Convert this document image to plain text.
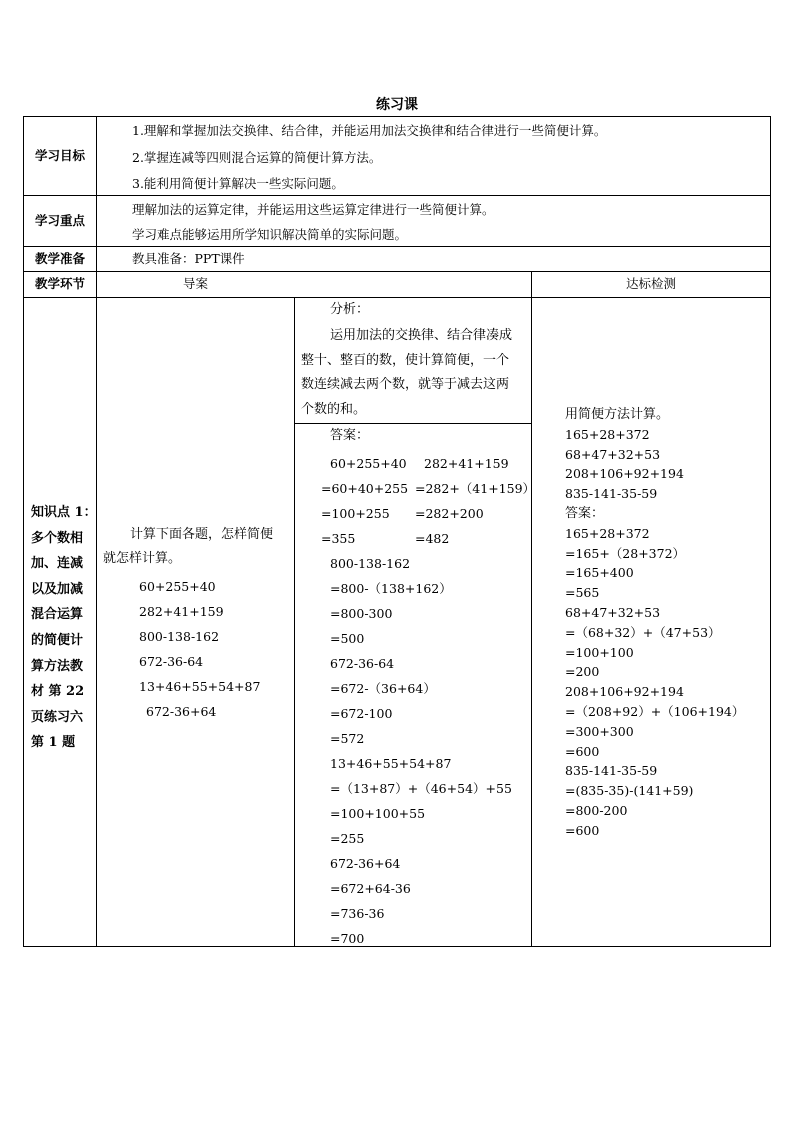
练习课
学习目标
学习重点
教学准备
教学环节	导案	达标检测
1.理解和掌握加法交换律、结合律，并能运用加法交换律和结合律进行一些简便计算。
2.掌握连减等四则混合运算的简便计算方法。
3.能利用简便计算解决一些实际问题。
理解加法的运算定律，并能运用这些运算定律进行一些简便计算。
学习难点能够运用所学知识解决简单的实际问题。
教具准备：PPT课件
知识点 1：
多个数相
加、连减
以及加减
混合运算
的简便计
算方法教
材 第 22
页练习六
第 1 题
计算下面各题，怎样简便
就怎样计算。
60+255+40
282+41+159
800-138-162
672-36-64
13+46+55+54+87
672-36+64
分析：
运用加法的交换律、结合律凑成
整十、整百的数，使计算简便，一个
数连续减去两个数，就等于减去这两
个数的和。
答案：
60+255+40
=60+40+255
=100+255
=355
282+41+159
=282+（41+159）
=282+200
=482
800-138-162
=800-（138+162）
=800-300
=500
672-36-64
=672-（36+64）
=672-100
=572
13+46+55+54+87
=（13+87）+（46+54）+55
=100+100+55
=255
672-36+64
=672+64-36
=736-36
=700
用简便方法计算。
165+28+372
68+47+32+53
208+106+92+194
835-141-35-59
答案：
165+28+372
=165+（28+372）
=165+400
=565
68+47+32+53
=（68+32）+（47+53）
=100+100
=200
208+106+92+194
=（208+92）+（106+194）
=300+300
=600
835-141-35-59
=(835-35)-(141+59)
=800-200
=600
